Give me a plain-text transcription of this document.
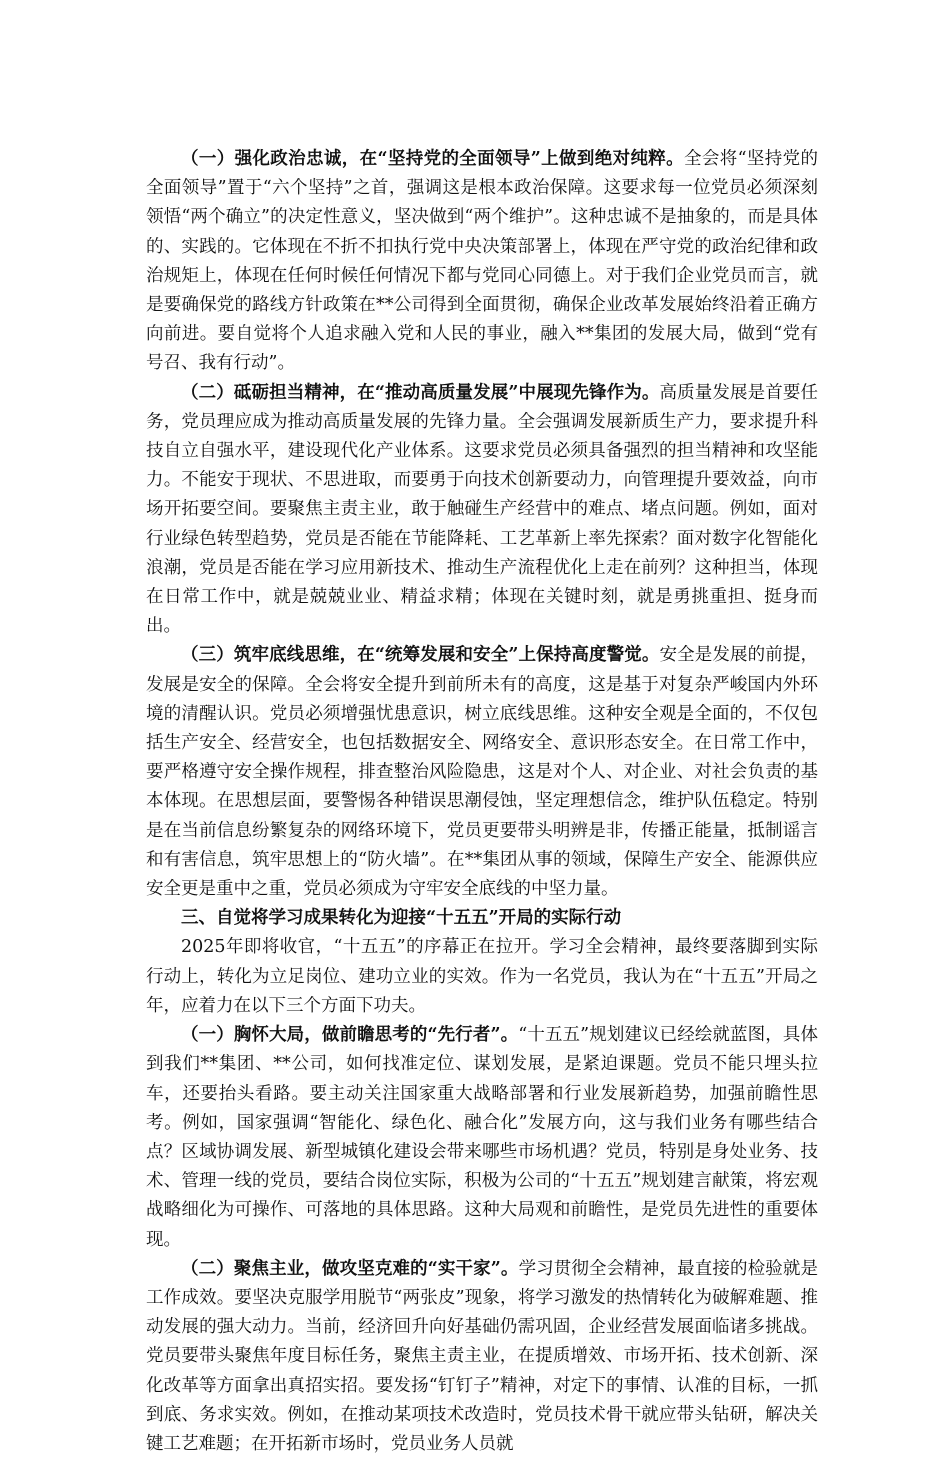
（一）强化政治忠诚，在“坚持党的全面领导”上做到绝对纯粹。全会将“坚持党的全面领导”置于“六个坚持”之首，强调这是根本政治保障。这要求每一位党员必须深刻领悟“两个确立”的决定性意义，坚决做到“两个维护”。这种忠诚不是抽象的，而是具体的、实践的。它体现在不折不扣执行党中央决策部署上，体现在严守党的政治纪律和政治规矩上，体现在任何时候任何情况下都与党同心同德上。对于我们企业党员而言，就是要确保党的路线方针政策在**公司得到全面贯彻，确保企业改革发展始终沿着正确方向前进。要自觉将个人追求融入党和人民的事业，融入**集团的发展大局，做到“党有号召、我有行动”。

（二）砥砺担当精神，在“推动高质量发展”中展现先锋作为。高质量发展是首要任务，党员理应成为推动高质量发展的先锋力量。全会强调发展新质生产力，要求提升科技自立自强水平，建设现代化产业体系。这要求党员必须具备强烈的担当精神和攻坚能力。不能安于现状、不思进取，而要勇于向技术创新要动力，向管理提升要效益，向市场开拓要空间。要聚焦主责主业，敢于触碰生产经营中的难点、堵点问题。例如，面对行业绿色转型趋势，党员是否能在节能降耗、工艺革新上率先探索？面对数字化智能化浪潮，党员是否能在学习应用新技术、推动生产流程优化上走在前列？这种担当，体现在日常工作中，就是兢兢业业、精益求精；体现在关键时刻，就是勇挑重担、挺身而出。

（三）筑牢底线思维，在“统筹发展和安全”上保持高度警觉。安全是发展的前提，发展是安全的保障。全会将安全提升到前所未有的高度，这是基于对复杂严峻国内外环境的清醒认识。党员必须增强忧患意识，树立底线思维。这种安全观是全面的，不仅包括生产安全、经营安全，也包括数据安全、网络安全、意识形态安全。在日常工作中，要严格遵守安全操作规程，排查整治风险隐患，这是对个人、对企业、对社会负责的基本体现。在思想层面，要警惕各种错误思潮侵蚀，坚定理想信念，维护队伍稳定。特别是在当前信息纷繁复杂的网络环境下，党员更要带头明辨是非，传播正能量，抵制谣言和有害信息，筑牢思想上的“防火墙”。在**集团从事的领域，保障生产安全、能源供应安全更是重中之重，党员必须成为守牢安全底线的中坚力量。

三、自觉将学习成果转化为迎接“十五五”开局的实际行动

2025年即将收官，“十五五”的序幕正在拉开。学习全会精神，最终要落脚到实际行动上，转化为立足岗位、建功立业的实效。作为一名党员，我认为在“十五五”开局之年，应着力在以下三个方面下功夫。

（一）胸怀大局，做前瞻思考的“先行者”。“十五五”规划建议已经绘就蓝图，具体到我们**集团、**公司，如何找准定位、谋划发展，是紧迫课题。党员不能只埋头拉车，还要抬头看路。要主动关注国家重大战略部署和行业发展新趋势，加强前瞻性思考。例如，国家强调“智能化、绿色化、融合化”发展方向，这与我们业务有哪些结合点？区域协调发展、新型城镇化建设会带来哪些市场机遇？党员，特别是身处业务、技术、管理一线的党员，要结合岗位实际，积极为公司的“十五五”规划建言献策，将宏观战略细化为可操作、可落地的具体思路。这种大局观和前瞻性，是党员先进性的重要体现。

（二）聚焦主业，做攻坚克难的“实干家”。学习贯彻全会精神，最直接的检验就是工作成效。要坚决克服学用脱节“两张皮”现象，将学习激发的热情转化为破解难题、推动发展的强大动力。当前，经济回升向好基础仍需巩固，企业经营发展面临诸多挑战。党员要带头聚焦年度目标任务，聚焦主责主业，在提质增效、市场开拓、技术创新、深化改革等方面拿出真招实招。要发扬“钉钉子”精神，对定下的事情、认准的目标，一抓到底、务求实效。例如，在推动某项技术改造时，党员技术骨干就应带头钻研，解决关键工艺难题；在开拓新市场时，党员业务人员就
